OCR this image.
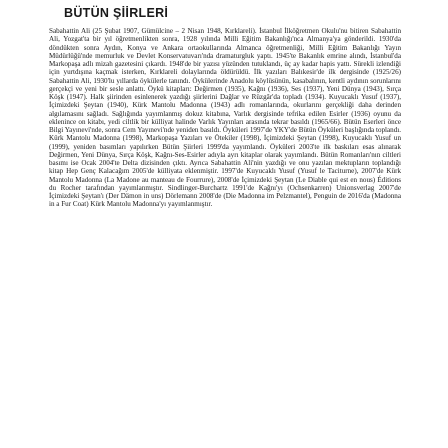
BÜTÜN ŞİİRLERİ
Sabahattin Ali (25 Şubat 1907, Gümülcine – 2 Nisan 1948, Kırklareli). İstanbul İlköğretmen Okulu'nu bitiren Sabahattin Ali, Yozgat'ta bir yıl öğretmenlikten sonra, 1928 yılında Milli Eğitim Bakanlığı'nca Almanya'ya gönderildi. 1930'da döndükten sonra Aydın, Konya ve Ankara ortaokullarında Almanca öğretmenliği, Milli Eğitim Bakanlığı Yayın Müdürlüğü'nde memurluk ve Devlet Konservatuvarı'nda dramaturgluk yaptı. 1945'te Bakanlık emrine alındı, İstanbul'da Markopaşa adlı mizah gazetesini çıkardı. 1948'de bir yazısı yüzünden tutuklandı, üç ay kadar hapis yattı. Sürekli izlendiği için yurtdışına kaçmak isterken, Kırklareli dolaylarında öldürüldü. İlk yazıları Balıkesir'de ilk dergisinde (1925/26) Sabahattin Ali, 1930'lu yıllarda öykülerle tanındı. Öykülerinde Anadolu köylüsünün, kasabalının, kentli aydının sorunlarını gerçekçi ve yeni bir sesle anlattı. Öykü kitapları: Değirmen (1935), Kağnı (1936), Ses (1937), Yeni Dünya (1943), Sırça Köşk (1947). Halk şiirinden esinlenerek yazdığı şiirlerini Dağlar ve Rüzgâr'da topladı (1934). Kuyucaklı Yusuf (1937), İçimizdeki Şeytan (1940), Kürk Mantolu Madonna (1943) adlı romanlarında, okurlarını gerçekliği daha derinden algılamasını sağladı. Sağlığında yayımlanmış dokuz kitabına, Varlık dergisinde tefrika edilen Esirler (1936) oyunu da eklenince on kitabı, yedi ciltlik bir külliyat halinde Varlık Yayınları arasında tekrar basıldı (1965/66). Bütün Eserleri önce Bilgi Yayınevi'nde, sonra Cem Yayınevi'nde yeniden basıldı. Öyküleri 1997'de YKY'de Bütün Öyküleri başlığında toplandı. Kürk Mantolu Madonna (1998), Markopaşa Yazıları ve Ötekiler (1998), İçimizdeki Şeytan (1998), Kuyucaklı Yusuf un (1999), yeniden basımları yapılırken Bütün Şiirleri 1999'da yayımlandı. Öyküleri 2003'te ilk baskıları esas alınarak Değirmen, Yeni Dünya, Sırça Köşk, Kağnı-Ses-Esirler adıyla ayrı kitaplar olarak yayımlandı. Bütün Romanları'nın ciltleri basımı ise Ocak 2004'te Delta dizisinden çıktı. Ayrıca Sabahattin Ali'nin yazdığı ve onu yazılan mektupların toplandığı kitap Hep Genç Kalacağım 2005'de külliyata eklenmiştir. 1997'de Kuyucaklı Yusuf (Yusuf le Taciturne), 2007'de Kürk Mantolu Madonna (La Madone au manteau de Fourrure), 2008'de İçimizdeki Şeytan (Le Diable qui est en nous) Éditions du Rocher tarafından yayımlanmıştır. Sindlinger-Burchartz 1991'de Kağnı'yı (Ochsenkarren) Unionsverlag 2007'de İçimizdeki Şeytan'ı (Der Dämon in uns) Dörlemann 2008'de (Die Madonna im Pelzmantel), Penguin de 2016'da (Madonna in a Fur Coat) Kürk Mantolu Madonna'yı yayımlanmıştır.
